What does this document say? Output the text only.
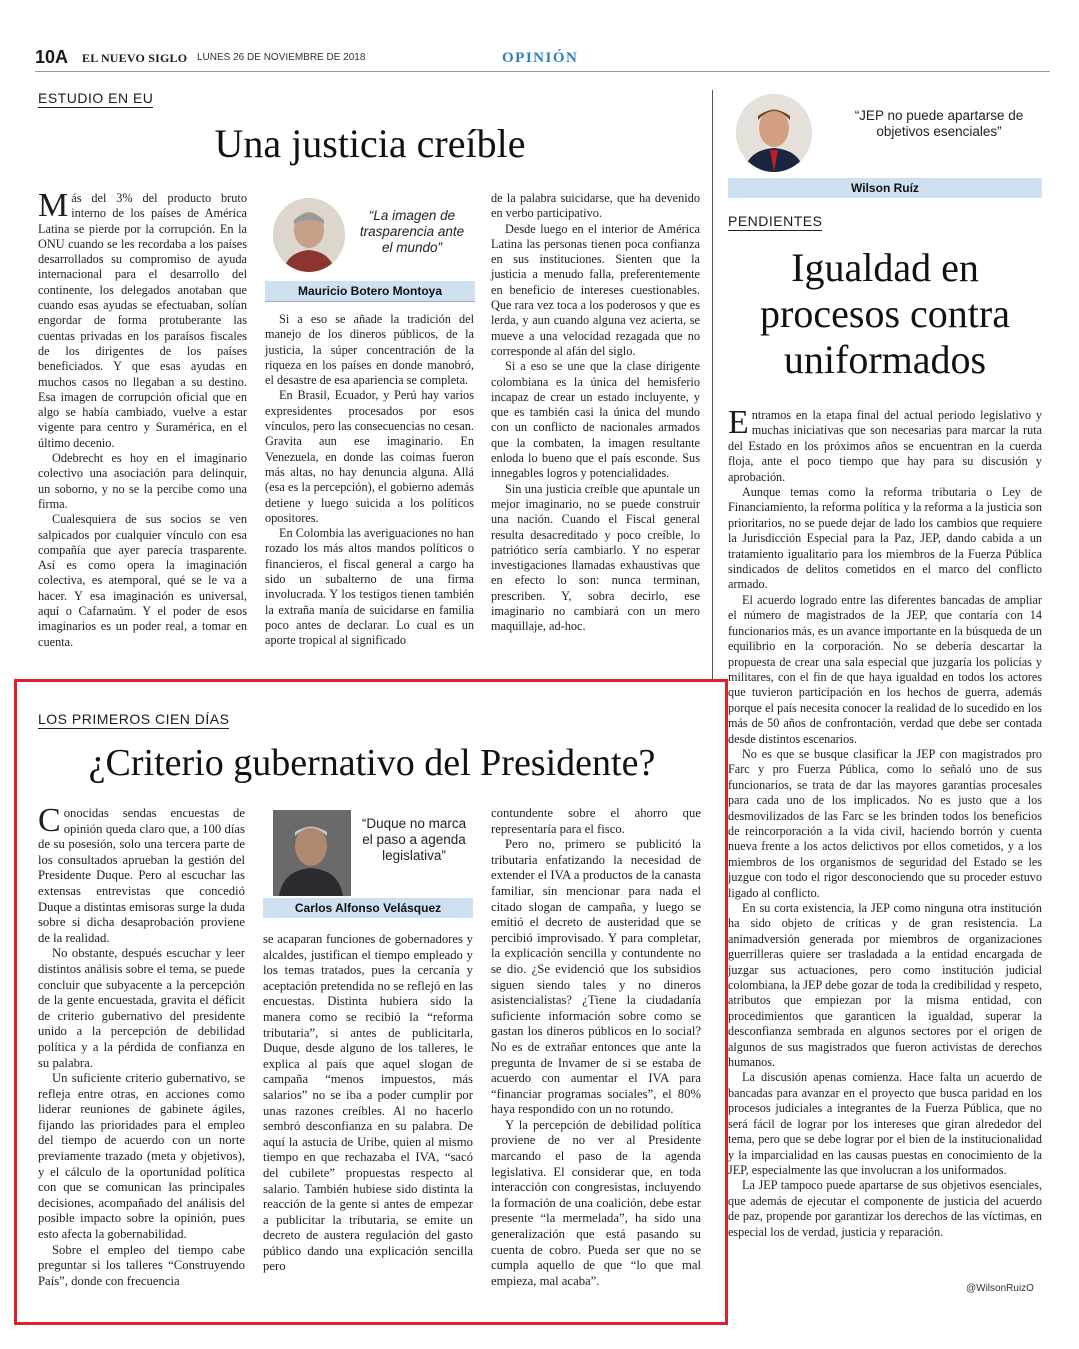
10A EL NUEVO SIGLO LUNES 26 DE NOVIEMBRE DE 2018	OPINIÓN
ESTUDIO EN EU
Una justicia creíble

Más del 3% del producto bruto interno de los países de América Latina se pierde por la corrupción. En la ONU cuando se les recordaba a los países desarrollados su compromiso de ayuda internacional para el desarrollo del continente, los delegados anotaban que cuando esas ayudas se efectuaban, solían engordar de forma protuberante las cuentas privadas en los paraísos fiscales de los dirigentes de los países beneficiados. Y que esas ayudas en muchos casos no llegaban a su destino. Esa imagen de corrupción oficial que en algo se había cambiado, vuelve a estar vigente para centro y Suramérica, en el último decenio.

Odebrecht es hoy en el imaginario colectivo una asociación para delinquir, un soborno, y no se la percibe como una firma.

Cualesquiera de sus socios se ven salpicados por cualquier vínculo con esa compañía que ayer parecía trasparente. Así es como opera la imaginación colectiva, es atemporal, qué se le va a hacer. Y esa imaginación es universal, aquí o Cafarnaúm. Y el poder de esos imaginarios es un poder real, a tomar en cuenta.

“La imagen de trasparencia ante el mundo”
Mauricio Botero Montoya

Si a eso se añade la tradición del manejo de los dineros públicos, de la justicia, la súper concentración de la riqueza en los países en donde manobró, el desastre de esa apariencia se completa.

En Brasil, Ecuador, y Perú hay varios expresidentes procesados por esos vínculos, pero las consecuencias no cesan. Gravita aun ese imaginario. En Venezuela, en donde las coimas fueron más altas, no hay denuncia alguna. Allá (esa es la percepción), el gobierno además detiene y luego suicida a los políticos opositores.

En Colombia las averiguaciones no han rozado los más altos mandos políticos o financieros, el fiscal general a cargo ha sido un subalterno de una firma involucrada. Y los testigos tienen también la extraña manía de suicidarse en familia poco antes de declarar. Lo cual es un aporte tropical al significado

de la palabra suicidarse, que ha devenido en verbo participativo.

Desde luego en el interior de América Latina las personas tienen poca confianza en sus instituciones. Sienten que la justicia a menudo falla, preferentemente en beneficio de intereses cuestionables. Que rara vez toca a los poderosos y que es lerda, y aun cuando alguna vez acierta, se mueve a una velocidad rezagada que no corresponde al afán del siglo.

Si a eso se une que la clase dirigente colombiana es la única del hemisferio incapaz de crear un estado incluyente, y que es también casi la única del mundo con un conflicto de nacionales armados que la combaten, la imagen resultante enloda lo bueno que el país esconde. Sus innegables logros y potencialidades.

Sin una justicia creíble que apuntale un mejor imaginario, no se puede construir una nación. Cuando el Fiscal general resulta desacreditado y poco creíble, lo patriótico sería cambiarlo. Y no esperar investigaciones llamadas exhaustivas que en efecto lo son: nunca terminan, prescriben. Y, sobra decirlo, ese imaginario no cambiará con un mero maquillaje, ad-hoc.

“JEP no puede apartarse de objetivos esenciales”
Wilson Ruíz
PENDIENTES
Igualdad en
procesos contra
uniformados

Entramos en la etapa final del actual periodo legislativo y muchas iniciativas que son necesarias para marcar la ruta del Estado en los próximos años se encuentran en la cuerda floja, ante el poco tiempo que hay para su discusión y aprobación.

Aunque temas como la reforma tributaria o Ley de Financiamiento, la reforma política y la reforma a la justicia son prioritarios, no se puede dejar de lado los cambios que requiere la Jurisdicción Especial para la Paz, JEP, dando cabida a un tratamiento igualitario para los miembros de la Fuerza Pública sindicados de delitos cometidos en el marco del conflicto armado.

El acuerdo logrado entre las diferentes bancadas de ampliar el número de magistrados de la JEP, que contaría con 14 funcionarios más, es un avance importante en la búsqueda de un equilibrio en la corporación. No se debería descartar la propuesta de crear una sala especial que juzgaría los policías y militares, con el fin de que haya igualdad en todos los actores que tuvieron participación en los hechos de guerra, además porque el país necesita conocer la realidad de lo sucedido en los más de 50 años de confrontación, verdad que debe ser contada desde distintos escenarios.

No es que se busque clasificar la JEP con magistrados pro Farc y pro Fuerza Pública, como lo señaló uno de sus funcionarios, se trata de dar las mayores garantías procesales para cada uno de los implicados. No es justo que a los desmovilizados de las Farc se les brinden todos los beneficios de reincorporación a la vida civil, haciendo borrón y cuenta nueva frente a los actos delictivos por ellos cometidos, y a los miembros de los organismos de seguridad del Estado se les juzgue con todo el rigor desconociendo que su proceder estuvo ligado al conflicto.

En su corta existencia, la JEP como ninguna otra institución ha sido objeto de críticas y de gran resistencia. La animadversión generada por miembros de organizaciones guerrilleras quiere ser trasladada a la entidad encargada de juzgar sus actuaciones, pero como institución judicial colombiana, la JEP debe gozar de toda la credibilidad y respeto, atributos que empiezan por la misma entidad, con procedimientos que garanticen la igualdad, superar la desconfianza sembrada en algunos sectores por el origen de algunos de sus magistrados que fueron activistas de derechos humanos.

La discusión apenas comienza. Hace falta un acuerdo de bancadas para avanzar en el proyecto que busca paridad en los procesos judiciales a integrantes de la Fuerza Pública, que no será fácil de lograr por los intereses que giran alrededor del tema, pero que se debe lograr por el bien de la institucionalidad y la imparcialidad en las causas puestas en conocimiento de la JEP, especialmente las que involucran a los uniformados.

La JEP tampoco puede apartarse de sus objetivos esenciales, que además de ejecutar el componente de justicia del acuerdo de paz, propende por garantizar los derechos de las víctimas, en especial los de verdad, justicia y reparación.

@WilsonRuizO
LOS PRIMEROS CIEN DÍAS
¿Criterio gubernativo del Presidente?

Conocidas sendas encuestas de opinión queda claro que, a 100 días de su posesión, solo una tercera parte de los consultados aprueban la gestión del Presidente Duque. Pero al escuchar las extensas entrevistas que concedió Duque a distintas emisoras surge la duda sobre si dicha desaprobación proviene de la realidad.

No obstante, después escuchar y leer distintos análisis sobre el tema, se puede concluir que subyacente a la percepción de la gente encuestada, gravita el déficit de criterio gubernativo del presidente unido a la percepción de debilidad política y a la pérdida de confianza en su palabra.

Un suficiente criterio gubernativo, se refleja entre otras, en acciones como liderar reuniones de gabinete ágiles, fijando las prioridades para el empleo del tiempo de acuerdo con un norte previamente trazado (meta y objetivos), y el cálculo de la oportunidad política con que se comunican las principales decisiones, acompañado del análisis del posible impacto sobre la opinión, pues esto afecta la gobernabilidad.

Sobre el empleo del tiempo cabe preguntar si los talleres “Construyendo País”, donde con frecuencia

“Duque no marca el paso a agenda legislativa”
Carlos Alfonso Velásquez

se acaparan funciones de gobernadores y alcaldes, justifican el tiempo empleado y los temas tratados, pues la cercanía y aceptación pretendida no se reflejó en las encuestas. Distinta hubiera sido la manera como se recibió la “reforma tributaria”, si antes de publicitarla, Duque, desde alguno de los talleres, le explica al país que aquel slogan de campaña “menos impuestos, más salarios” no se iba a poder cumplir por unas razones creíbles. Al no hacerlo sembró desconfianza en su palabra. De aquí la astucia de Uribe, quien al mismo tiempo en que rechazaba el IVA, “sacó del cubilete” propuestas respecto al salario. También hubiese sido distinta la reacción de la gente si antes de empezar a publicitar la tributaria, se emite un decreto de austera regulación del gasto público dando una explicación sencilla pero

contundente sobre el ahorro que representaría para el fisco.

Pero no, primero se publicitó la tributaria enfatizando la necesidad de extender el IVA a productos de la canasta familiar, sin mencionar para nada el citado slogan de campaña, y luego se emitió el decreto de austeridad que se percibió improvisado. Y para completar, la explicación sencilla y contundente no se dio. ¿Se evidenció que los subsidios siguen siendo tales y no dineros asistencialistas? ¿Tiene la ciudadanía suficiente información sobre como se gastan los dineros públicos en lo social? No es de extrañar entonces que ante la pregunta de Invamer de si se estaba de acuerdo con aumentar el IVA para “financiar programas sociales”, el 80% haya respondido con un no rotundo.

Y la percepción de debilidad política proviene de no ver al Presidente marcando el paso de la agenda legislativa. El considerar que, en toda interacción con congresistas, incluyendo la formación de una coalición, debe estar presente “la mermelada”, ha sido una generalización que está pasando su cuenta de cobro. Pueda ser que no se cumpla aquello de que “lo que mal empieza, mal acaba”.
